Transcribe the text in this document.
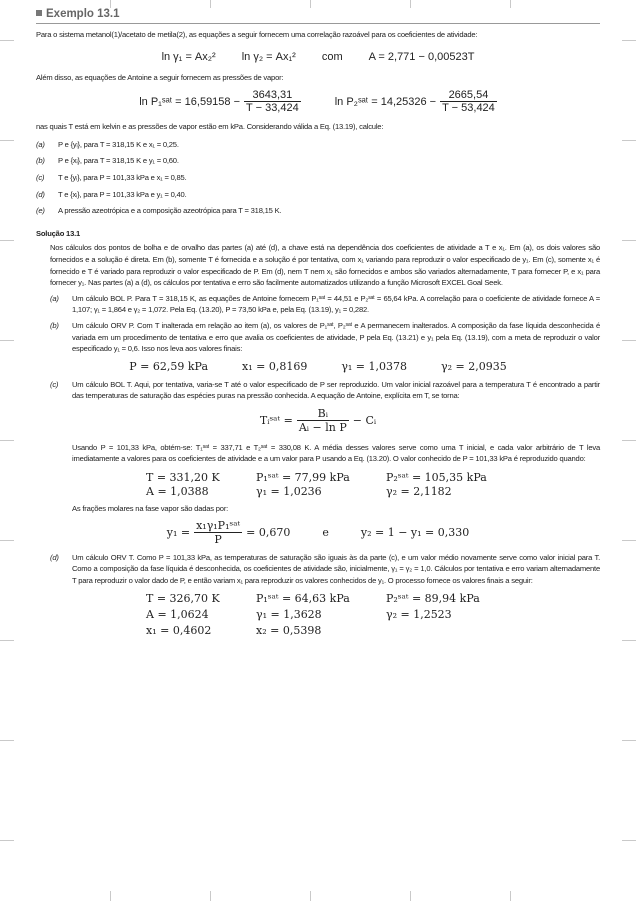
Exemplo 13.1

Para o sistema metanol(1)/acetato de metila(2), as equações a seguir fornecem uma correlação razoável para os coeficientes de atividade:

ln γ₁ = Ax₂² ln γ₂ = Ax₁² com A = 2,771 − 0,00523T

Além disso, as equações de Antoine a seguir fornecem as pressões de vapor:

ln P₁ˢᵃᵗ = $16,59158 - \frac{3643,31}{T - 33,424}$	ln P₂ˢᵃᵗ = $14,25326 - \frac{2665,54}{T - 53,424}$

nas quais T está em kelvin e as pressões de vapor estão em kPa. Considerando válida a Eq. (13.19), calcule:

(a) P e {yᵢ}, para T = 318,15 K e x₁ = 0,25.
(b) P e {xᵢ}, para T = 318,15 K e y₁ = 0,60.
(c) T e {yᵢ}, para P = 101,33 kPa e x₁ = 0,85.
(d) T e {xᵢ}, para P = 101,33 kPa e y₁ = 0,40.
(e) A pressão azeotrópica e a composição azeotrópica para T = 318,15 K.
Solução 13.1

Nos cálculos dos pontos de bolha e de orvalho das partes (a) até (d), a chave está na dependência dos coeficientes de atividade a T e x₁. Em (a), os dois valores são fornecidos e a solução é direta. Em (b), somente T é fornecida e a solução é por tentativa, com x₁ variando para reproduzir o valor especificado de y₁. Em (c), somente x₁ é fornecido e T é variado para reproduzir o valor especificado de P. Em (d), nem T nem x₁ são fornecidos e ambos são variados alternadamente, T para fornecer P, e x₁ para fornecer y₁. Nas partes (a) a (d), os cálculos por tentativa e erro são facilmente automatizados utilizando a função Microsoft EXCEL Goal Seek.

(a) Um cálculo BOL P. Para T = 318,15 K, as equações de Antoine fornecem P₁ˢᵃᵗ = 44,51 e P₂ˢᵃᵗ = 65,64 kPa. A correlação para o coeficiente de atividade fornece A = 1,107; γ₁ = 1,864 e γ₂ = 1,072. Pela Eq. (13.20), P = 73,50 kPa e, pela Eq. (13.19), y₁ = 0,282.
(b) Um cálculo ORV P. Com T inalterada em relação ao item (a), os valores de P₁ˢᵃᵗ, P₂ˢᵃᵗ e A permanecem inalterados. A composição da fase líquida desconhecida é variada em um procedimento de tentativa e erro que avalia os coeficientes de atividade, P pela Eq. (13.21) e y₁ pela Eq. (13.19), com a meta de reproduzir o valor especificado y₁ = 0,6. Isso nos leva aos valores finais:
P = 62,59 kPa	x₁ = 0,8169	γ₁ = 1,0378	γ₂ = 2,0935
(c) Um cálculo BOL T. Aqui, por tentativa, varia-se T até o valor especificado de P ser reproduzido. Um valor inicial razoável para a temperatura T é encontrado a partir das temperaturas de saturação das espécies puras na pressão conhecida. A equação de Antoine, explícita em T, se torna:
Tᵢˢᵃᵗ = $\frac{\text{Bᵢ}}{\text{Aᵢ − ln P}}$ − Cᵢ

Usando P = 101,33 kPa, obtém-se: T₁ˢᵃᵗ = 337,71 e T₂ˢᵃᵗ = 330,08 K. A média desses valores serve como uma T inicial, e cada valor arbitrário de T leva imediatamente a valores para os coeficientes de atividade e a um valor para P usando a Eq. (13.20). O valor conhecido de P = 101,33 kPa é reproduzido quando:

T = 331,20 K	P₁ˢᵃᵗ = 77,99 kPa	P₂ˢᵃᵗ = 105,35 kPa
A = 1,0388	γ₁ = 1,0236	γ₂ = 2,1182

As frações molares na fase vapor são dadas por:

$y_1 = \frac{\text{x₁γ₁P₁ˢᵃᵗ}}{P} = 0,670$	e	y₂ = 1 − y₁ = 0,330
(d) Um cálculo ORV T. Como P = 101,33 kPa, as temperaturas de saturação são iguais às da parte (c), e um valor médio novamente serve como valor inicial para T. Como a composição da fase líquida é desconhecida, os coeficientes de atividade são, inicialmente, γ₁ = γ₂ = 1,0. Cálculos por tentativa e erro variam alternadamente T para reproduzir o valor dado de P, e então variam x₁ para reproduzir os valores conhecidos de y₁. O processo fornece os valores finais a seguir:
T = 326,70 K	P₁ˢᵃᵗ = 64,63 kPa	P₂ˢᵃᵗ = 89,94 kPa
A = 1,0624	γ₁ = 1,3628	γ₂ = 1,2523
x₁ = 0,4602	x₂ = 0,5398
